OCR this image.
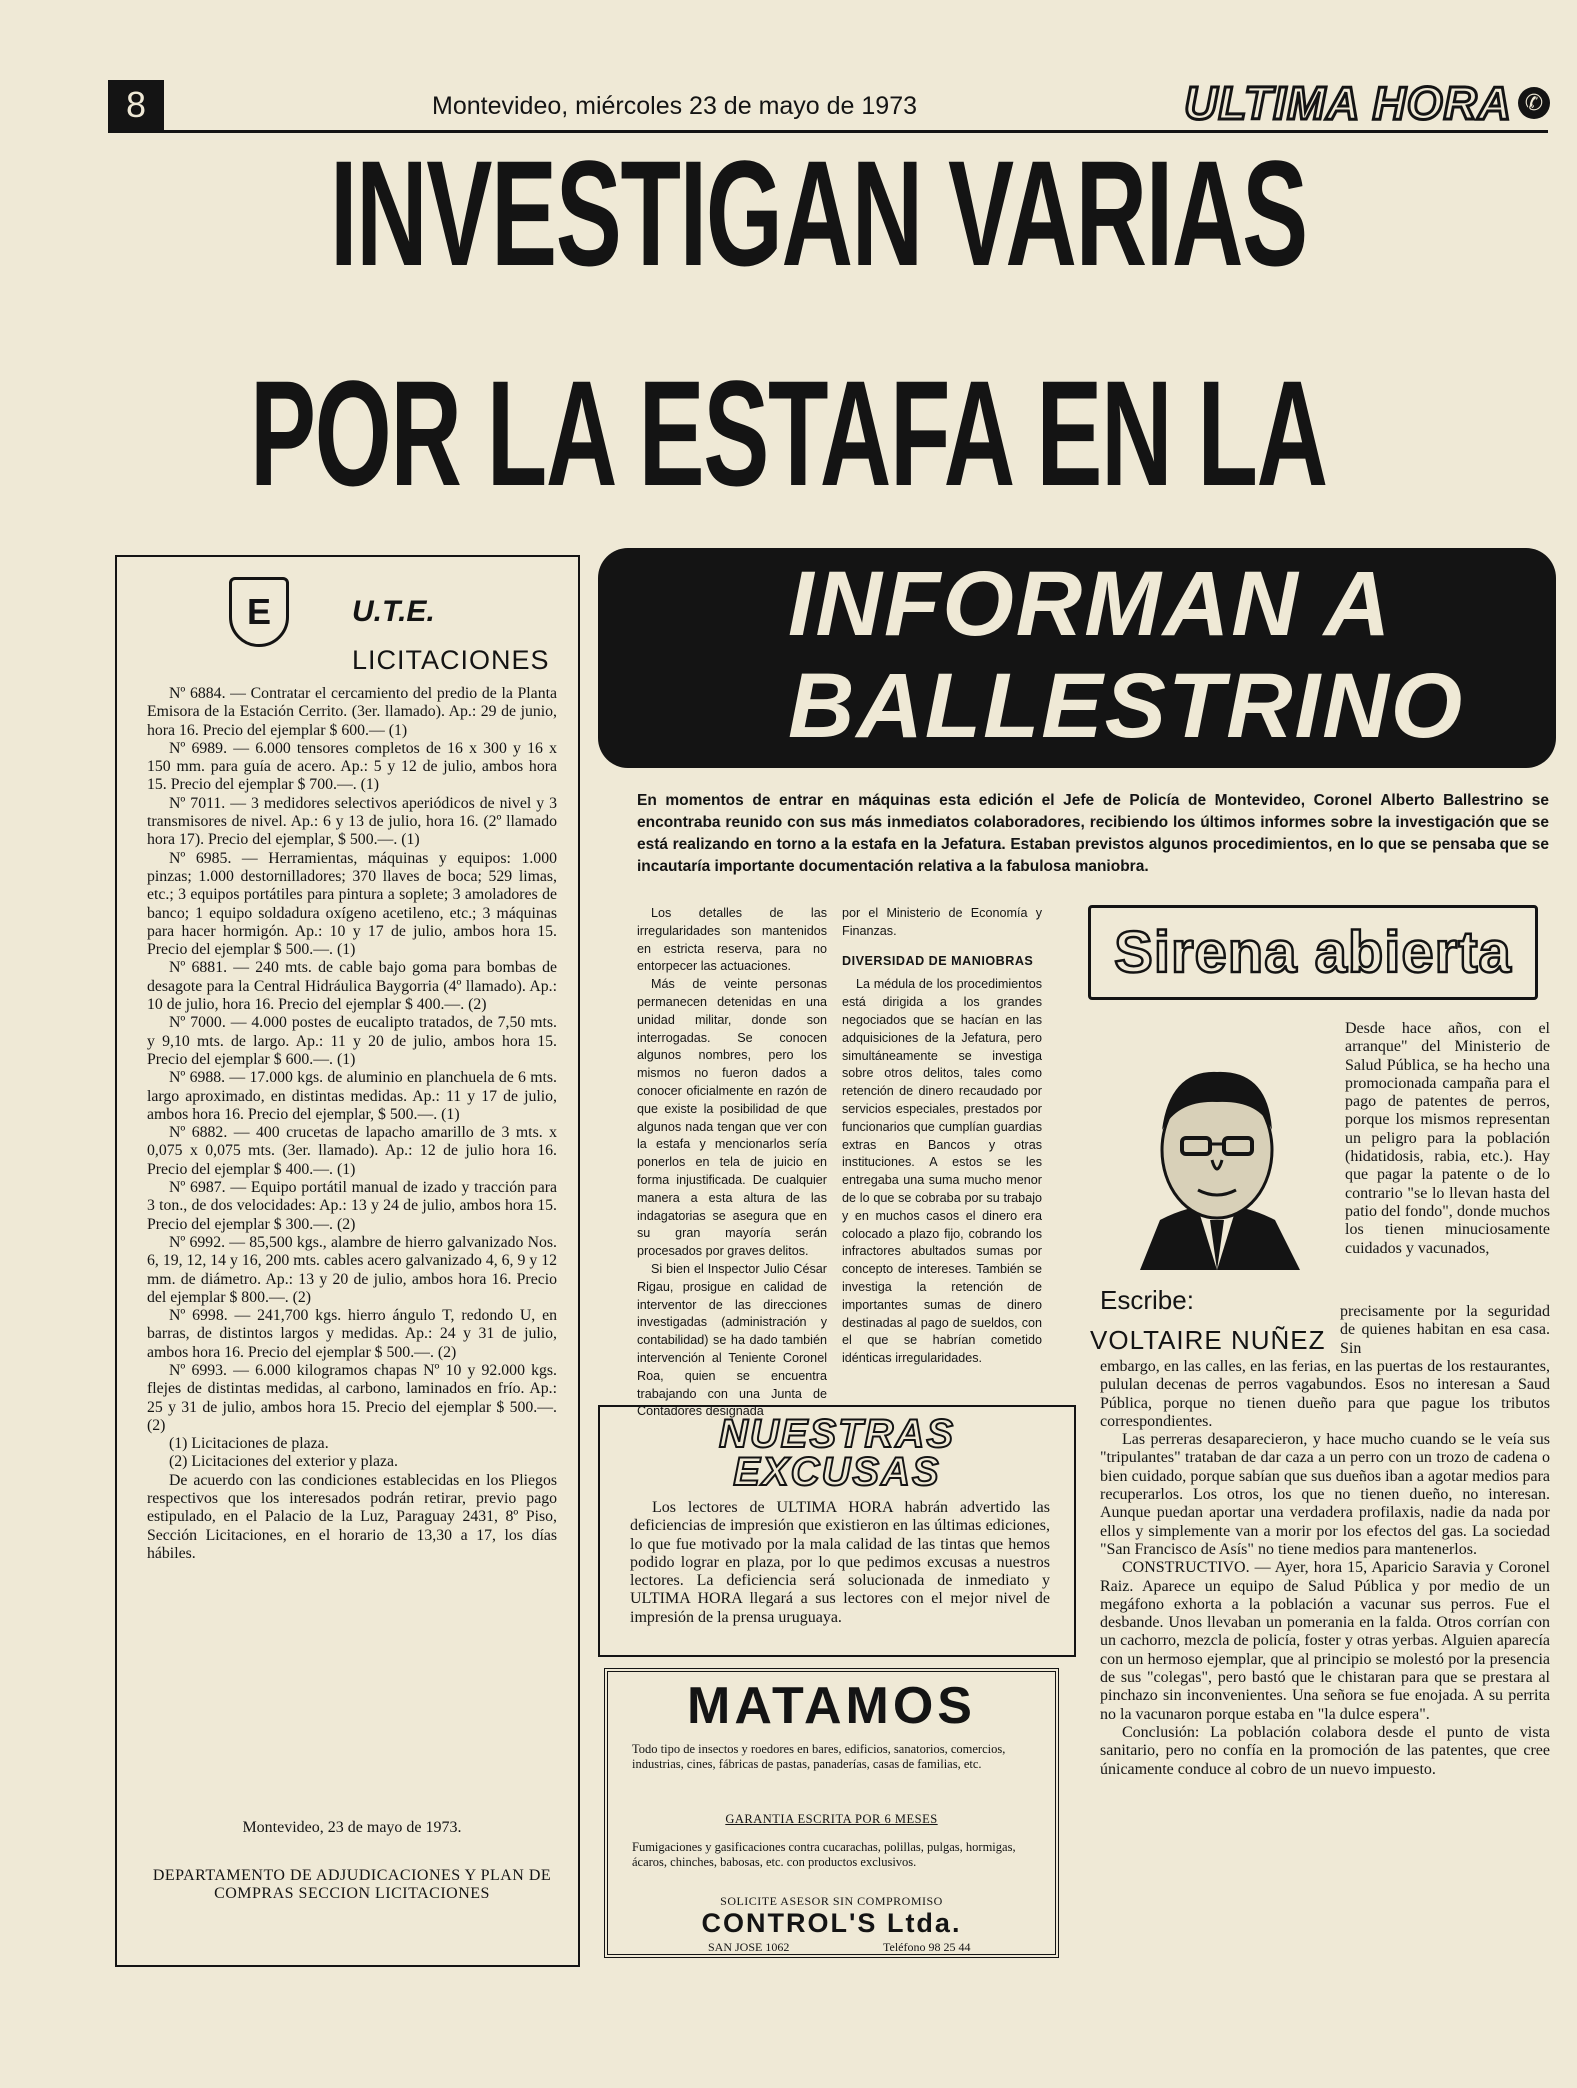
8	Montevideo, miércoles 23 de mayo de 1973	ULTIMA HORA ✆
INVESTIGAN VARIAS
POR LA ESTAFA EN LA
E	U.T.E.
LICITACIONES

Nº 6884. — Contratar el cercamiento del predio de la Planta Emisora de la Estación Cerrito. (3er. llamado). Ap.: 29 de junio, hora 16. Precio del ejemplar $ 600.— (1)

Nº 6989. — 6.000 tensores completos de 16 x 300 y 16 x 150 mm. para guía de acero. Ap.: 5 y 12 de julio, ambos hora 15. Precio del ejemplar $ 700.—. (1)

Nº 7011. — 3 medidores selectivos aperiódicos de nivel y 3 transmisores de nivel. Ap.: 6 y 13 de julio, hora 16. (2º llamado hora 17). Precio del ejemplar, $ 500.—. (1)

Nº 6985. — Herramientas, máquinas y equipos: 1.000 pinzas; 1.000 destornilladores; 370 llaves de boca; 529 limas, etc.; 3 equipos portátiles para pintura a soplete; 3 amoladores de banco; 1 equipo soldadura oxígeno acetileno, etc.; 3 máquinas para hacer hormigón. Ap.: 10 y 17 de julio, ambos hora 15. Precio del ejemplar $ 500.—. (1)

Nº 6881. — 240 mts. de cable bajo goma para bombas de desagote para la Central Hidráulica Baygorria (4º llamado). Ap.: 10 de julio, hora 16. Precio del ejemplar $ 400.—. (2)

Nº 7000. — 4.000 postes de eucalipto tratados, de 7,50 mts. y 9,10 mts. de largo. Ap.: 11 y 20 de julio, ambos hora 15. Precio del ejemplar $ 600.—. (1)

Nº 6988. — 17.000 kgs. de aluminio en planchuela de 6 mts. largo aproximado, en distintas medidas. Ap.: 11 y 17 de julio, ambos hora 16. Precio del ejemplar, $ 500.—. (1)

Nº 6882. — 400 crucetas de lapacho amarillo de 3 mts. x 0,075 x 0,075 mts. (3er. llamado). Ap.: 12 de julio hora 16. Precio del ejemplar $ 400.—. (1)

Nº 6987. — Equipo portátil manual de izado y tracción para 3 ton., de dos velocidades: Ap.: 13 y 24 de julio, ambos hora 15. Precio del ejemplar $ 300.—. (2)

Nº 6992. — 85,500 kgs., alambre de hierro galvanizado Nos. 6, 19, 12, 14 y 16, 200 mts. cables acero galvanizado 4, 6, 9 y 12 mm. de diámetro. Ap.: 13 y 20 de julio, ambos hora 16. Precio del ejemplar $ 800.—. (2)

Nº 6998. — 241,700 kgs. hierro ángulo T, redondo U, en barras, de distintos largos y medidas. Ap.: 24 y 31 de julio, ambos hora 16. Precio del ejemplar $ 500.—. (2)

Nº 6993. — 6.000 kilogramos chapas Nº 10 y 92.000 kgs. flejes de distintas medidas, al carbono, laminados en frío. Ap.: 25 y 31 de julio, ambos hora 15. Precio del ejemplar $ 500.—. (2)

(1) Licitaciones de plaza.

(2) Licitaciones del exterior y plaza.

De acuerdo con las condiciones establecidas en los Pliegos respectivos que los interesados podrán retirar, previo pago estipulado, en el Palacio de la Luz, Paraguay 2431, 8º Piso, Sección Licitaciones, en el horario de 13,30 a 17, los días hábiles.

Montevideo, 23 de mayo de 1973.
DEPARTAMENTO DE ADJUDICACIONES Y PLAN DE COMPRAS SECCION LICITACIONES
INFORMAN A
BALLESTRINO
En momentos de entrar en máquinas esta edición el Jefe de Policía de Montevideo, Coronel Alberto Ballestrino se encontraba reunido con sus más inmediatos colaboradores, recibiendo los últimos informes sobre la investigación que se está realizando en torno a la estafa en la Jefatura. Estaban previstos algunos procedimientos, en lo que se pensaba que se incautaría importante documentación relativa a la fabulosa maniobra.

Los detalles de las irregularidades son mantenidos en estricta reserva, para no entorpecer las actuaciones.

Más de veinte personas permanecen detenidas en una unidad militar, donde son interrogadas. Se conocen algunos nombres, pero los mismos no fueron dados a conocer oficialmente en razón de que existe la posibilidad de que algunos nada tengan que ver con la estafa y mencionarlos sería ponerlos en tela de juicio en forma injustificada. De cualquier manera a esta altura de las indagatorias se asegura que en su gran mayoría serán procesados por graves delitos.

Si bien el Inspector Julio César Rigau, prosigue en calidad de interventor de las direcciones investigadas (administración y contabilidad) se ha dado también intervención al Teniente Coronel Roa, quien se encuentra trabajando con una Junta de Contadores designada

por el Ministerio de Economía y Finanzas.

DIVERSIDAD DE MANIOBRAS

La médula de los procedimientos está dirigida a los grandes negociados que se hacían en las adquisiciones de la Jefatura, pero simultáneamente se investiga sobre otros delitos, tales como retención de dinero recaudado por servicios especiales, prestados por funcionarios que cumplían guardias extras en Bancos y otras instituciones. A estos se les entregaba una suma mucho menor de lo que se cobraba por su trabajo y en muchos casos el dinero era colocado a plazo fijo, cobrando los infractores abultados sumas por concepto de intereses. También se investiga la retención de importantes sumas de dinero destinadas al pago de sueldos, con el que se habrían cometido idénticas irregularidades.

Sirena abierta
Escribe:
VOLTAIRE NUÑEZ
Desde hace años, con el arranque" del Ministerio de Salud Pública, se ha hecho una promocionada campaña para el pago de patentes de perros, porque los mismos representan un peligro para la población (hidatidosis, rabia, etc.). Hay que pagar la patente o de lo contrario "se lo llevan hasta del patio del fondo", donde muchos los tienen minuciosamente cuidados y vacunados,
precisamente por la seguridad de quienes habitan en esa casa. Sin

embargo, en las calles, en las ferias, en las puertas de los restaurantes, pululan decenas de perros vagabundos. Esos no interesan a Saud Pública, porque no tienen dueño para que pague los tributos correspondientes.

Las perreras desaparecieron, y hace mucho cuando se le veía sus "tripulantes" trataban de dar caza a un perro con un trozo de cadena o bien cuidado, porque sabían que sus dueños iban a agotar medios para recuperarlos. Los otros, los que no tienen dueño, no interesan. Aunque puedan aportar una verdadera profilaxis, nadie da nada por ellos y simplemente van a morir por los efectos del gas. La sociedad "San Francisco de Asís" no tiene medios para mantenerlos.

CONSTRUCTIVO. — Ayer, hora 15, Aparicio Saravia y Coronel Raiz. Aparece un equipo de Salud Pública y por medio de un megáfono exhorta a la población a vacunar sus perros. Fue el desbande. Unos llevaban un pomerania en la falda. Otros corrían con un cachorro, mezcla de policía, foster y otras yerbas. Alguien aparecía con un hermoso ejemplar, que al principio se molestó por la presencia de sus "colegas", pero bastó que le chistaran para que se prestara al pinchazo sin inconvenientes. Una señora se fue enojada. A su perrita no la vacunaron porque estaba en "la dulce espera".

Conclusión: La población colabora desde el punto de vista sanitario, pero no confía en la promoción de las patentes, que cree únicamente conduce al cobro de un nuevo impuesto.

NUESTRAS
EXCUSAS

Los lectores de ULTIMA HORA habrán advertido las deficiencias de impresión que existieron en las últimas ediciones, lo que fue motivado por la mala calidad de las tintas que hemos podido lograr en plaza, por lo que pedimos excusas a nuestros lectores. La deficiencia será solucionada de inmediato y ULTIMA HORA llegará a sus lectores con el mejor nivel de impresión de la prensa uruguaya.

MATAMOS
Todo tipo de insectos y roedores en bares, edificios, sanatorios, comercios, industrias, cines, fábricas de pastas, panaderías, casas de familias, etc.
GARANTIA ESCRITA POR 6 MESES
Fumigaciones y gasificaciones contra cucarachas, polillas, pulgas, hormigas, ácaros, chinches, babosas, etc. con productos exclusivos.
SOLICITE ASESOR SIN COMPROMISO
CONTROL'S Ltda.
SAN JOSE 1062	Teléfono 98 25 44
